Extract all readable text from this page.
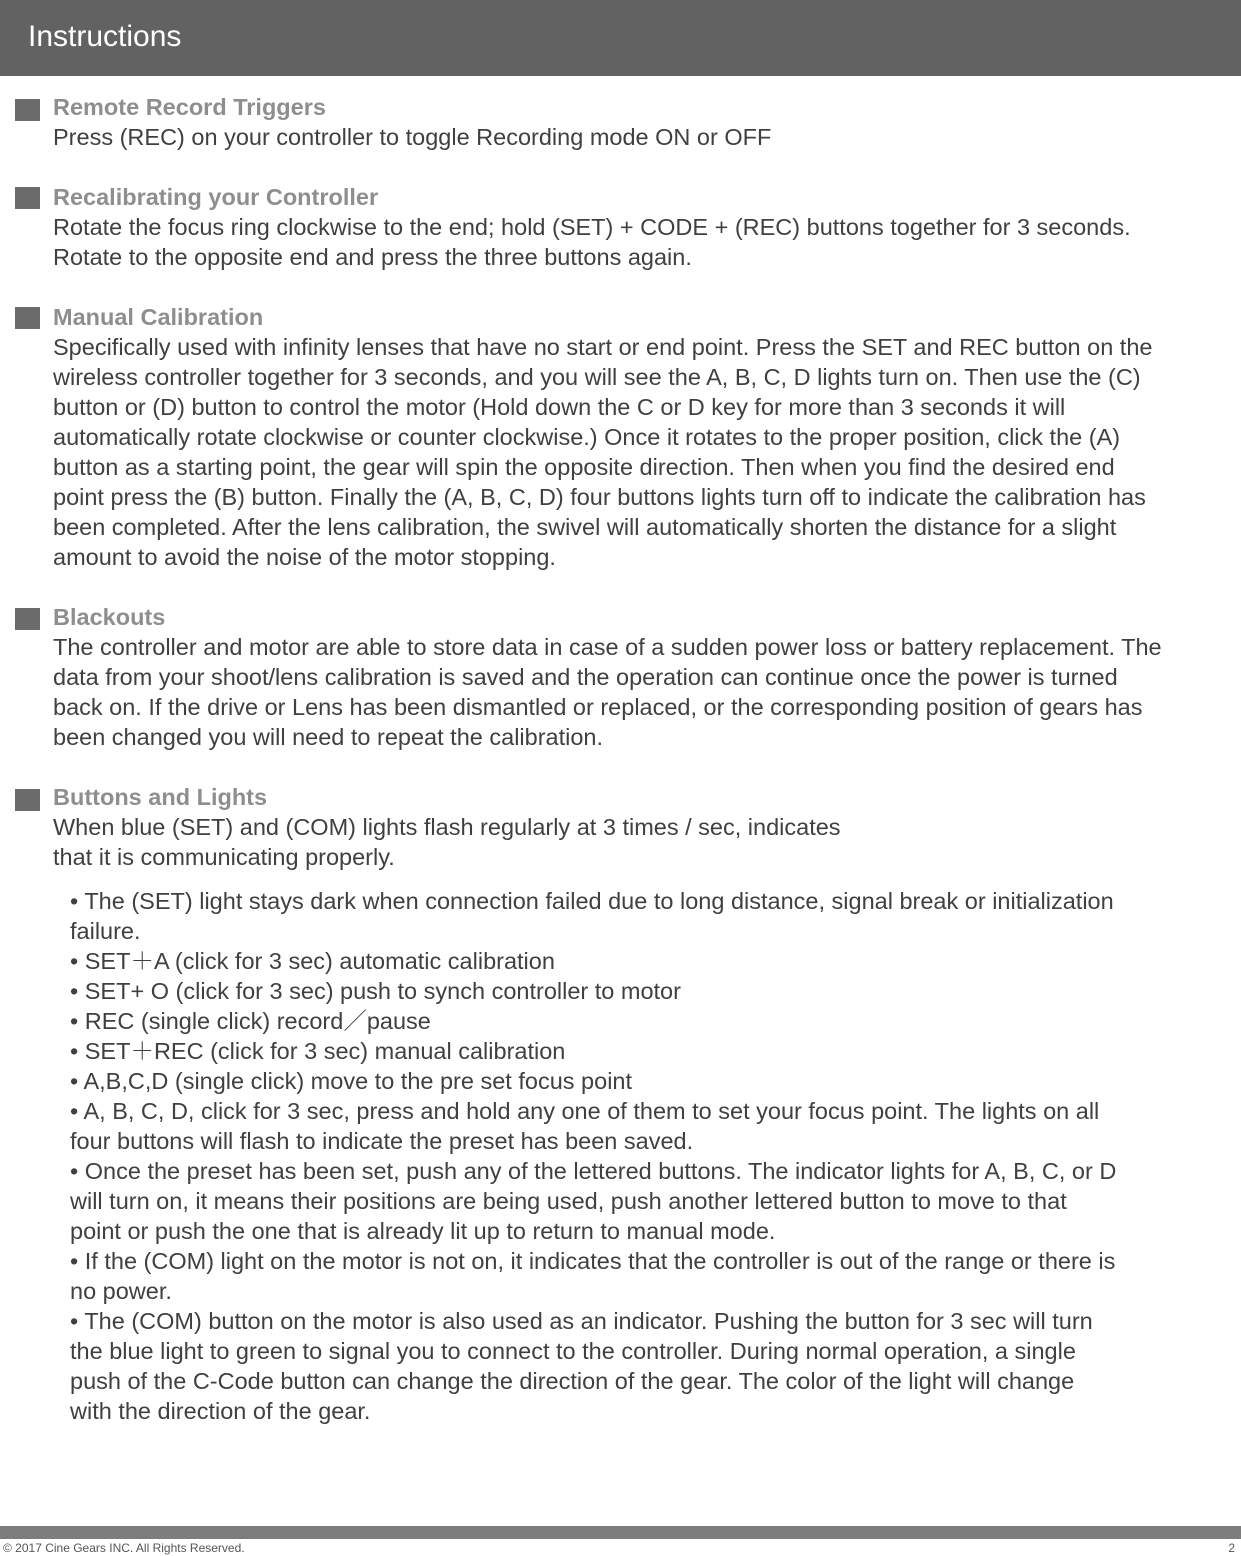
Instructions
Remote Record Triggers
Press (REC) on your controller to toggle Recording mode ON or OFF
Recalibrating your Controller
Rotate the focus ring clockwise to the end; hold (SET) + CODE + (REC) buttons together for 3 seconds.
Rotate to the opposite end and press the three buttons again.
Manual Calibration
Specifically used with infinity lenses that have no start or end point. Press the SET and REC button on the
wireless controller together for 3 seconds, and you will see the A, B, C, D lights turn on. Then use the (C)
button or (D) button to control the motor (Hold down the C or D key for more than 3 seconds it will
automatically rotate clockwise or counter clockwise.) Once it rotates to the proper position, click the (A)
button as a starting point, the gear will spin the opposite direction. Then when you find the desired end
point press the (B) button. Finally the (A, B, C, D) four buttons lights turn off to indicate the calibration has
been completed. After the lens calibration, the swivel will automatically shorten the distance for a slight
amount to avoid the noise of the motor stopping.
Blackouts
The controller and motor are able to store data in case of a sudden power loss or battery replacement. The
data from your shoot/lens calibration is saved and the operation can continue once the power is turned
back on. If the drive or Lens has been dismantled or replaced, or the corresponding position of gears has
been changed you will need to repeat the calibration.
Buttons and Lights
When blue (SET) and (COM) lights flash regularly at 3 times / sec, indicates
that it is communicating properly.
• The (SET) light stays dark when connection failed due to long distance, signal break or initialization
failure.
• SET＋A (click for 3 sec) automatic calibration
• SET+ O (click for 3 sec) push to synch controller to motor
• REC (single click) record／pause
• SET＋REC (click for 3 sec) manual calibration
• A,B,C,D (single click) move to the pre set focus point
• A, B, C, D, click for 3 sec, press and hold any one of them to set your focus point. The lights on all
four buttons will flash to indicate the preset has been saved.
• Once the preset has been set, push any of the lettered buttons. The indicator lights for A, B, C, or D
will turn on, it means their positions are being used, push another lettered button to move to that
point or push the one that is already lit up to return to manual mode.
• If the (COM) light on the motor is not on, it indicates that the controller is out of the range or there is
no power.
• The (COM) button on the motor is also used as an indicator. Pushing the button for 3 sec will turn
the blue light to green to signal you to connect to the controller. During normal operation, a single
push of the C-Code button can change the direction of the gear. The color of the light will change
with the direction of the gear.
© 2017 Cine Gears INC. All Rights Reserved.	2
